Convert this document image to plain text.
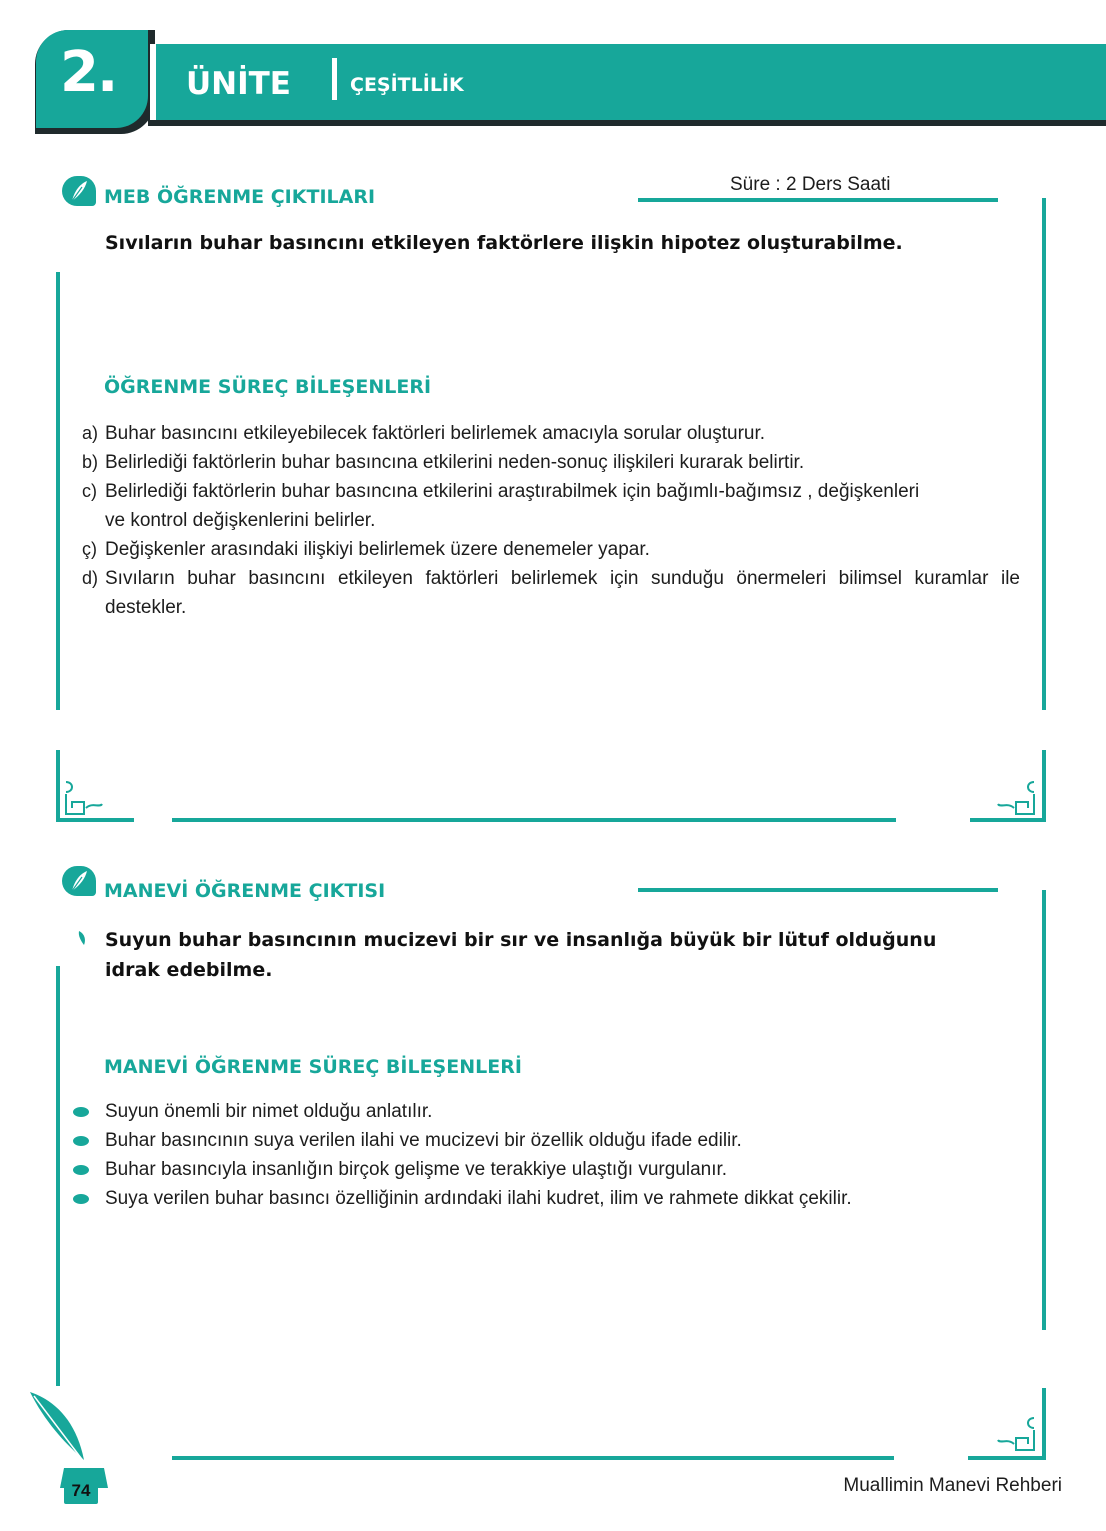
2. ÜNİTE	ÇEŞİTLİLİK
MEB ÖĞRENME ÇIKTILARI
Süre : 2 Ders Saati
Sıvıların buhar basıncını etkileyen faktörlere ilişkin hipotez oluşturabilme.
ÖĞRENME SÜREÇ BİLEŞENLERİ
a) Buhar basıncını etkileyebilecek faktörleri belirlemek amacıyla sorular oluşturur.
b) Belirlediği faktörlerin buhar basıncına etkilerini neden-sonuç ilişkileri kurarak belirtir.
c) Belirlediği faktörlerin buhar basıncına etkilerini araştırabilmek için bağımlı-bağımsız , değişkenleri ve kontrol değişkenlerini belirler.
ç) Değişkenler arasındaki ilişkiyi belirlemek üzere denemeler yapar.
d) Sıvıların buhar basıncını etkileyen faktörleri belirlemek için sunduğu önermeleri bilimsel kuramlar ile destekler.
MANEVİ ÖĞRENME ÇIKTISI
Suyun buhar basıncının mucizevi bir sır ve insanlığa büyük bir lütuf olduğunu idrak edebilme.
MANEVİ ÖĞRENME SÜREÇ BİLEŞENLERİ
Suyun önemli bir nimet olduğu anlatılır.
Buhar basıncının suya verilen ilahi ve mucizevi bir özellik olduğu ifade edilir.
Buhar basıncıyla insanlığın birçok gelişme ve terakkiye ulaştığı vurgulanır.
Suya verilen buhar basıncı özelliğinin ardındaki ilahi kudret, ilim ve rahmete dikkat çekilir.
74	Muallimin Manevi Rehberi
